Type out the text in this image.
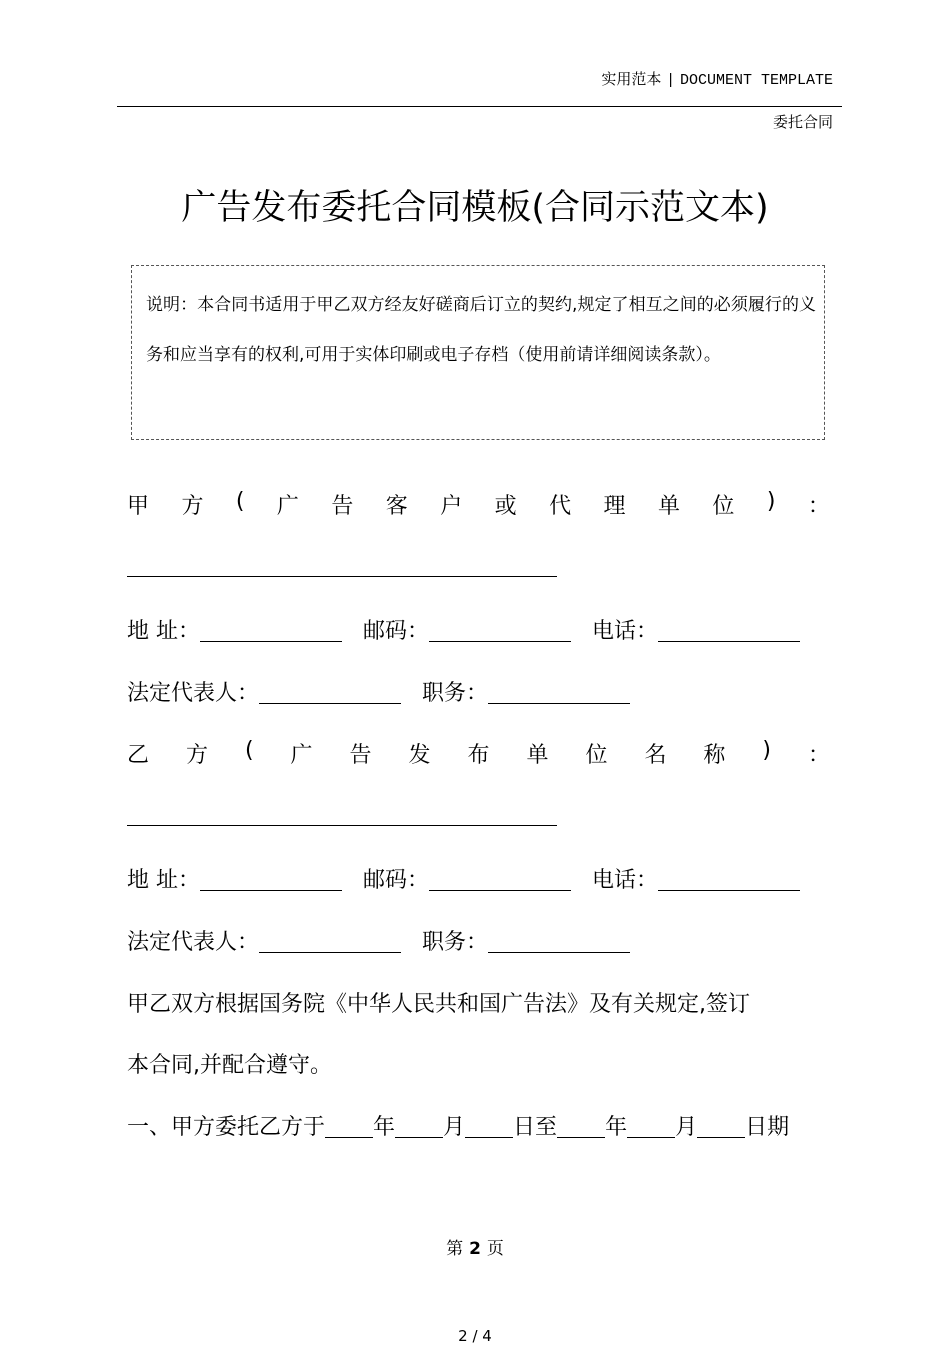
实用范本 | DOCUMENT TEMPLATE
委托合同
广告发布委托合同模板(合同示范文本)
说明：本合同书适用于甲乙双方经友好磋商后订立的契约,规定了相互之间的必须履行的义务和应当享有的权利,可用于实体印刷或电子存档（使用前请详细阅读条款）。
甲 方 ( 广 告 客 户 或 代 理 单 位 ) ：
地 址：	邮码：	电话：
法定代表人：	职务：
乙 方 ( 广 告 发 布 单 位 名 称 ) ：
地 址：	邮码：	电话：
法定代表人：	职务：
甲乙双方根据国务院《中华人民共和国广告法》及有关规定,签订
本合同,并配合遵守。
一、甲方委托乙方于 年 月 日至 年 月 日期
第 2 页
2 / 4
